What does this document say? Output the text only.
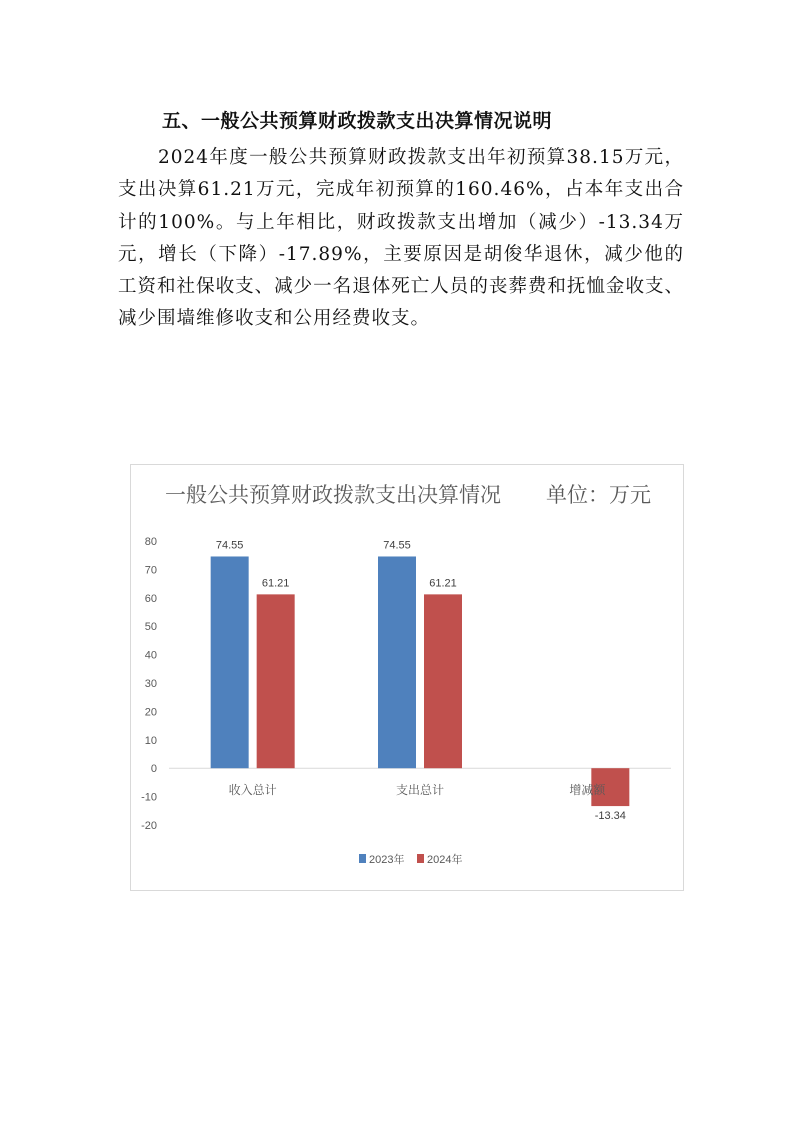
五、一般公共预算财政拨款支出决算情况说明

2024年度一般公共预算财政拨款支出年初预算38.15万元，支出决算61.21万元，完成年初预算的160.46%，占本年支出合计的100%。与上年相比，财政拨款支出增加（减少）-13.34万元，增长（下降）-17.89%，主要原因是胡俊华退休，减少他的工资和社保收支、减少一名退体死亡人员的丧葬费和抚恤金收支、减少围墙维修收支和公用经费收支。

一般公共预算财政拨款支出决算情况 单位：万元
80
70
60
50
40
30
20
10
0
-10
-20
74.55	74.55
61.21	61.21
-13.34
收入总计	支出总计	增减额
2023年 2024年
